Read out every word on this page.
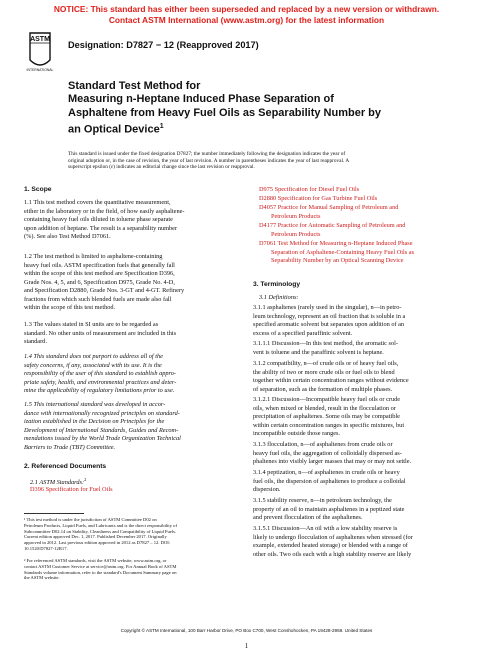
NOTICE: This standard has either been superseded and replaced by a new version or withdrawn.
Contact ASTM International (www.astm.org) for the latest information
ASTM
INTERNATIONAL
Designation: D7827 − 12 (Reapproved 2017)
Standard Test Method for
Measuring n-Heptane Induced Phase Separation of
Asphaltene from Heavy Fuel Oils as Separability Number by
an Optical Device$^1$
This standard is issued under the fixed designation D7827; the number immediately following the designation indicates the year of
original adoption or, in the case of revision, the year of last revision. A number in parentheses indicates the year of last reapproval. A
superscript epsilon (ε) indicates an editorial change since the last revision or reapproval.
1. Scope
1.1 This test method covers the quantitative measurement,
either in the laboratory or in the field, of how easily asphaltene-
containing heavy fuel oils diluted in toluene phase separate
upon addition of heptane. The result is a separability number
(%). See also Test Method D7061.
1.2 The test method is limited to asphaltene-containing
heavy fuel oils. ASTM specification fuels that generally fall
within the scope of this test method are Specification D396,
Grade Nos. 4, 5, and 6, Specification D975, Grade No. 4-D,
and Specification D2880, Grade Nos. 3-GT and 4-GT. Refinery
fractions from which such blended fuels are made also fall
within the scope of this test method.
1.3 The values stated in SI units are to be regarded as
standard. No other units of measurement are included in this
standard.
1.4 This standard does not purport to address all of the
safety concerns, if any, associated with its use. It is the
responsibility of the user of this standard to establish appro-
priate safety, health, and environmental practices and deter-
mine the applicability of regulatory limitations prior to use.
1.5 This international standard was developed in accor-
dance with internationally recognized principles on standard-
ization established in the Decision on Principles for the
Development of International Standards, Guides and Recom-
mendations issued by the World Trade Organization Technical
Barriers to Trade (TBT) Committee.
2. Referenced Documents
2.1 ASTM Standards:$^2$
D396 Specification for Fuel Oils
¹ This test method is under the jurisdiction of ASTM Committee D02 on
Petroleum Products, Liquid Fuels, and Lubricants and is the direct responsibility of
Subcommittee D02.14 on Stability, Cleanliness and Compatibility of Liquid Fuels.
Current edition approved Dec. 1, 2017. Published December 2017. Originally
approved in 2012. Last previous edition approved in 2012 as D7827 – 12. DOI:
10.1520/D7827-12R17.
² For referenced ASTM standards, visit the ASTM website, www.astm.org, or
contact ASTM Customer Service at service@astm.org. For Annual Book of ASTM
Standards volume information, refer to the standard's Document Summary page on
the ASTM website.
D975 Specification for Diesel Fuel Oils
D2880 Specification for Gas Turbine Fuel Oils
D4057 Practice for Manual Sampling of Petroleum and
Petroleum Products
D4177 Practice for Automatic Sampling of Petroleum and
Petroleum Products
D7061 Test Method for Measuring n-Heptane Induced Phase
Separation of Asphaltene-Containing Heavy Fuel Oils as
Separability Number by an Optical Scanning Device
3. Terminology
3.1 Definitions:
3.1.1 asphaltenes (rarely used in the singular), n—in petro-
leum technology, represent an oil fraction that is soluble in a
specified aromatic solvent but separates upon addition of an
excess of a specified paraffinic solvent.
3.1.1.1 Discussion—In this test method, the aromatic sol-
vent is toluene and the paraffinic solvent is heptane.
3.1.2 compatibility, n—of crude oils or of heavy fuel oils,
the ability of two or more crude oils or fuel oils to blend
together within certain concentration ranges without evidence
of separation, such as the formation of multiple phases.
3.1.2.1 Discussion—Incompatible heavy fuel oils or crude
oils, when mixed or blended, result in the flocculation or
precipitation of asphaltenes. Some oils may be compatible
within certain concentration ranges in specific mixtures, but
incompatible outside those ranges.
3.1.3 flocculation, n—of asphaltenes from crude oils or
heavy fuel oils, the aggregation of colloidally dispersed as-
phaltenes into visibly larger masses that may or may not settle.
3.1.4 peptization, n—of asphaltenes in crude oils or heavy
fuel oils, the dispersion of asphaltenes to produce a colloidal
dispersion.
3.1.5 stability reserve, n—in petroleum technology, the
property of an oil to maintain asphaltenes in a peptized state
and prevent flocculation of the asphaltenes.
3.1.5.1 Discussion—An oil with a low stability reserve is
likely to undergo flocculation of asphaltenes when stressed (for
example, extended heated storage) or blended with a range of
other oils. Two oils each with a high stability reserve are likely
Copyright © ASTM International, 100 Barr Harbor Drive, PO Box C700, West Conshohocken, PA 19428-2959. United States
1
